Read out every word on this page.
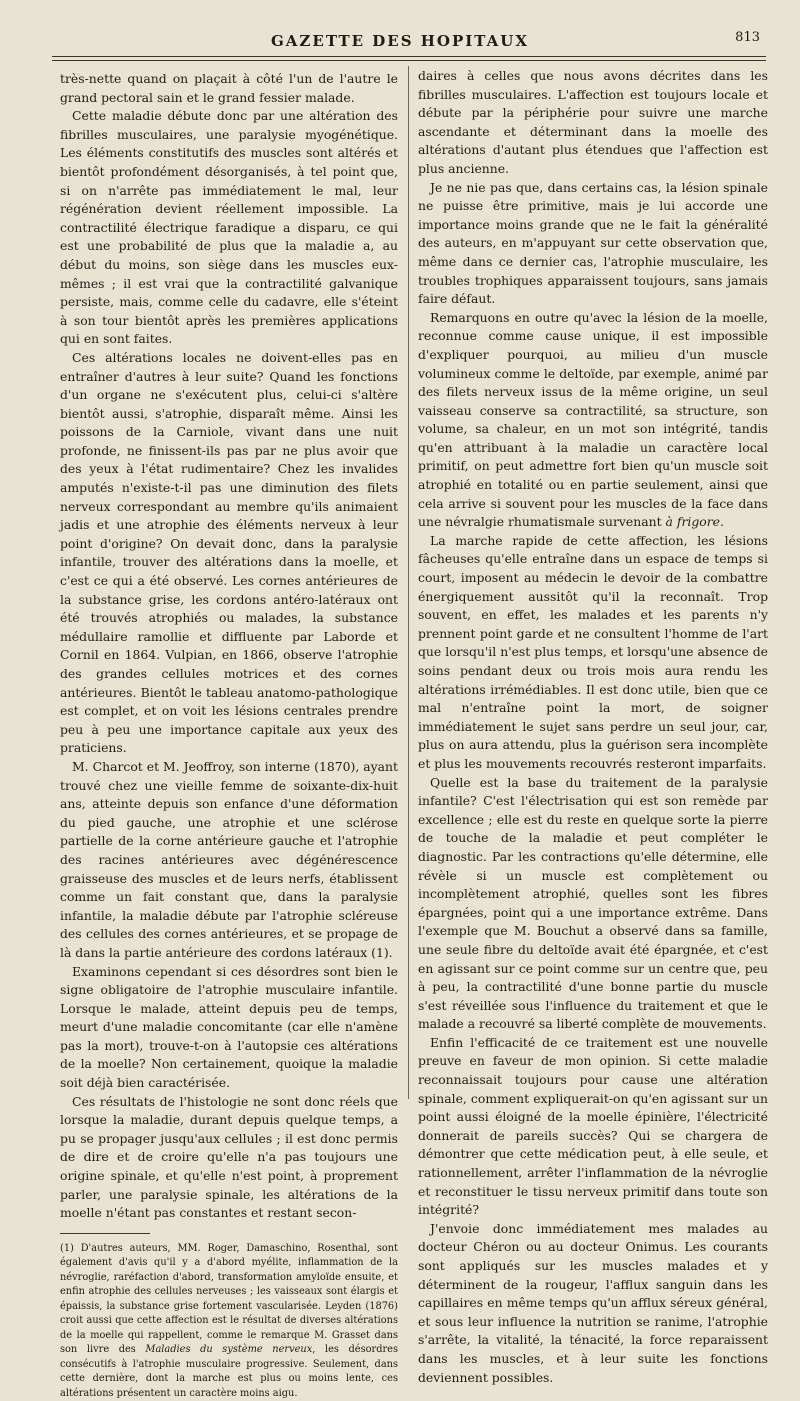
GAZETTE DES HOPITAUX	813

très-nette quand on plaçait à côté l'un de l'autre le grand pectoral sain et le grand fessier malade.

Cette maladie débute donc par une altération des fibrilles musculaires, une paralysie myogénétique. Les éléments constitutifs des muscles sont altérés et bientôt profondément désorganisés, à tel point que, si on n'arrête pas immédiatement le mal, leur régénération devient réellement impossible. La contractilité électrique faradique a disparu, ce qui est une probabilité de plus que la maladie a, au début du moins, son siège dans les muscles eux-mêmes ; il est vrai que la contractilité galvanique persiste, mais, comme celle du cadavre, elle s'éteint à son tour bientôt après les premières applications qui en sont faites.

Ces altérations locales ne doivent-elles pas en entraîner d'autres à leur suite? Quand les fonctions d'un organe ne s'exécutent plus, celui-ci s'altère bientôt aussi, s'atrophie, disparaît même. Ainsi les poissons de la Carniole, vivant dans une nuit profonde, ne finissent-ils pas par ne plus avoir que des yeux à l'état rudimentaire? Chez les invalides amputés n'existe-t-il pas une diminution des filets nerveux correspondant au membre qu'ils animaient jadis et une atrophie des éléments nerveux à leur point d'origine? On devait donc, dans la paralysie infantile, trouver des altérations dans la moelle, et c'est ce qui a été observé. Les cornes antérieures de la substance grise, les cordons antéro-latéraux ont été trouvés atrophiés ou malades, la substance médullaire ramollie et diffluente par Laborde et Cornil en 1864. Vulpian, en 1866, observe l'atrophie des grandes cellules motrices et des cornes antérieures. Bientôt le tableau anatomo-pathologique est complet, et on voit les lésions centrales prendre peu à peu une importance capitale aux yeux des praticiens.

M. Charcot et M. Jeoffroy, son interne (1870), ayant trouvé chez une vieille femme de soixante-dix-huit ans, atteinte depuis son enfance d'une déformation du pied gauche, une atrophie et une sclérose partielle de la corne antérieure gauche et l'atrophie des racines antérieures avec dégénérescence graisseuse des muscles et de leurs nerfs, établissent comme un fait constant que, dans la paralysie infantile, la maladie débute par l'atrophie scléreuse des cellules des cornes antérieures, et se propage de là dans la partie antérieure des cordons latéraux (1).

Examinons cependant si ces désordres sont bien le signe obligatoire de l'atrophie musculaire infantile. Lorsque le malade, atteint depuis peu de temps, meurt d'une maladie concomitante (car elle n'amène pas la mort), trouve-t-on à l'autopsie ces altérations de la moelle? Non certainement, quoique la maladie soit déjà bien caractérisée.

Ces résultats de l'histologie ne sont donc réels que lorsque la maladie, durant depuis quelque temps, a pu se propager jusqu'aux cellules ; il est donc permis de dire et de croire qu'elle n'a pas toujours une origine spinale, et qu'elle n'est point, à proprement parler, une paralysie spinale, les altérations de la moelle n'étant pas constantes et restant secon-

(1) D'autres auteurs, MM. Roger, Damaschino, Rosenthal, sont également d'avis qu'il y a d'abord myélite, inflammation de la névroglie, raréfaction d'abord, transformation amyloïde ensuite, et enfin atrophie des cellules nerveuses ; les vaisseaux sont élargis et épaissis, la substance grise fortement vascularisée. Leyden (1876) croit aussi que cette affection est le résultat de diverses altérations de la moelle qui rappellent, comme le remarque M. Grasset dans son livre des Maladies du système nerveux, les désordres consécutifs à l'atrophie musculaire progressive. Seulement, dans cette dernière, dont la marche est plus ou moins lente, ces altérations présentent un caractère moins aigu.

daires à celles que nous avons décrites dans les fibrilles musculaires. L'affection est toujours locale et débute par la périphérie pour suivre une marche ascendante et déterminant dans la moelle des altérations d'autant plus étendues que l'affection est plus ancienne.

Je ne nie pas que, dans certains cas, la lésion spinale ne puisse être primitive, mais je lui accorde une importance moins grande que ne le fait la généralité des auteurs, en m'appuyant sur cette observation que, même dans ce dernier cas, l'atrophie musculaire, les troubles trophiques apparaissent toujours, sans jamais faire défaut.

Remarquons en outre qu'avec la lésion de la moelle, reconnue comme cause unique, il est impossible d'expliquer pourquoi, au milieu d'un muscle volumineux comme le deltoïde, par exemple, animé par des filets nerveux issus de la même origine, un seul vaisseau conserve sa contractilité, sa structure, son volume, sa chaleur, en un mot son intégrité, tandis qu'en attribuant à la maladie un caractère local primitif, on peut admettre fort bien qu'un muscle soit atrophié en totalité ou en partie seulement, ainsi que cela arrive si souvent pour les muscles de la face dans une névralgie rhumatismale survenant à frigore.

La marche rapide de cette affection, les lésions fâcheuses qu'elle entraîne dans un espace de temps si court, imposent au médecin le devoir de la combattre énergiquement aussitôt qu'il la reconnaît. Trop souvent, en effet, les malades et les parents n'y prennent point garde et ne consultent l'homme de l'art que lorsqu'il n'est plus temps, et lorsqu'une absence de soins pendant deux ou trois mois aura rendu les altérations irrémédiables. Il est donc utile, bien que ce mal n'entraîne point la mort, de soigner immédiatement le sujet sans perdre un seul jour, car, plus on aura attendu, plus la guérison sera incomplète et plus les mouvements recouvrés resteront imparfaits.

Quelle est la base du traitement de la paralysie infantile? C'est l'électrisation qui est son remède par excellence ; elle est du reste en quelque sorte la pierre de touche de la maladie et peut compléter le diagnostic. Par les contractions qu'elle détermine, elle révèle si un muscle est complètement ou incomplètement atrophié, quelles sont les fibres épargnées, point qui a une importance extrême. Dans l'exemple que M. Bouchut a observé dans sa famille, une seule fibre du deltoïde avait été épargnée, et c'est en agissant sur ce point comme sur un centre que, peu à peu, la contractilité d'une bonne partie du muscle s'est réveillée sous l'influence du traitement et que le malade a recouvré sa liberté complète de mouvements.

Enfin l'efficacité de ce traitement est une nouvelle preuve en faveur de mon opinion. Si cette maladie reconnaissait toujours pour cause une altération spinale, comment expliquerait-on qu'en agissant sur un point aussi éloigné de la moelle épinière, l'électricité donnerait de pareils succès? Qui se chargera de démontrer que cette médication peut, à elle seule, et rationnellement, arrêter l'inflammation de la névroglie et reconstituer le tissu nerveux primitif dans toute son intégrité?

J'envoie donc immédiatement mes malades au docteur Chéron ou au docteur Onimus. Les courants sont appliqués sur les muscles malades et y déterminent de la rougeur, l'afflux sanguin dans les capillaires en même temps qu'un afflux séreux général, et sous leur influence la nutrition se ranime, l'atrophie s'arrête, la vitalité, la ténacité, la force reparaissent dans les muscles, et à leur suite les fonctions deviennent possibles.
